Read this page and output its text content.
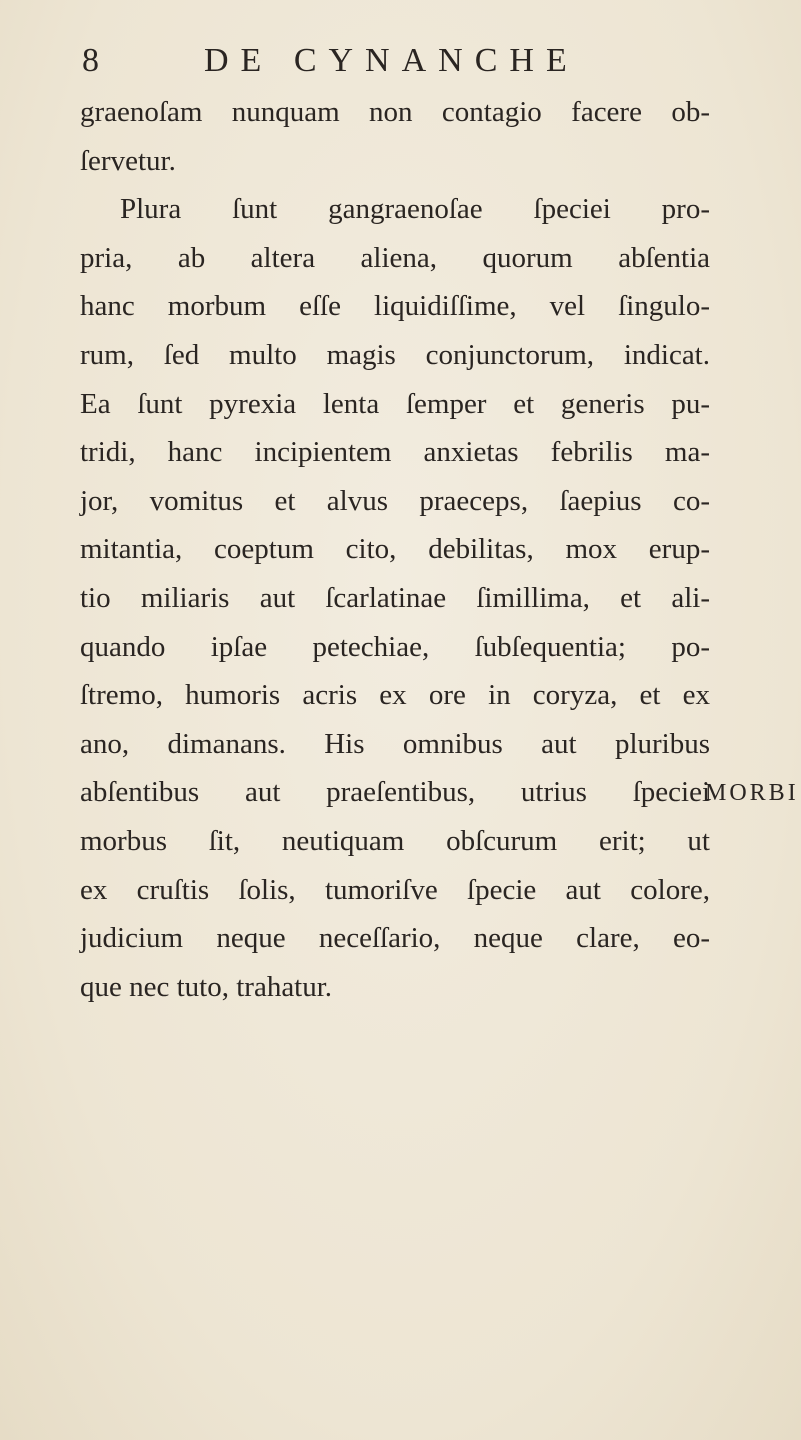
8	DE CYNANCHE
graenoſam nunquam non contagio facere ob-
ſervetur.
Plura ſunt gangraenoſae ſpeciei pro-
pria, ab altera aliena, quorum abſentia
hanc morbum eſſe liquidiſſime, vel ſingulo-
rum, ſed multo magis conjunctorum, indicat.
Ea ſunt pyrexia lenta ſemper et generis pu-
tridi, hanc incipientem anxietas febrilis ma-
jor, vomitus et alvus praeceps, ſaepius co-
mitantia, coeptum cito, debilitas, mox erup-
tio miliaris aut ſcarlatinae ſimillima, et ali-
quando ipſae petechiae, ſubſequentia; po-
ſtremo, humoris acris ex ore in coryza, et ex
ano, dimanans. His omnibus aut pluribus
abſentibus aut praeſentibus, utrius ſpeciei
morbus ſit, neutiquam obſcurum erit; ut
ex cruſtis ſolis, tumoriſve ſpecie aut colore,
judicium neque neceſſario, neque clare, eo-
que nec tuto, trahatur.
MORBI
